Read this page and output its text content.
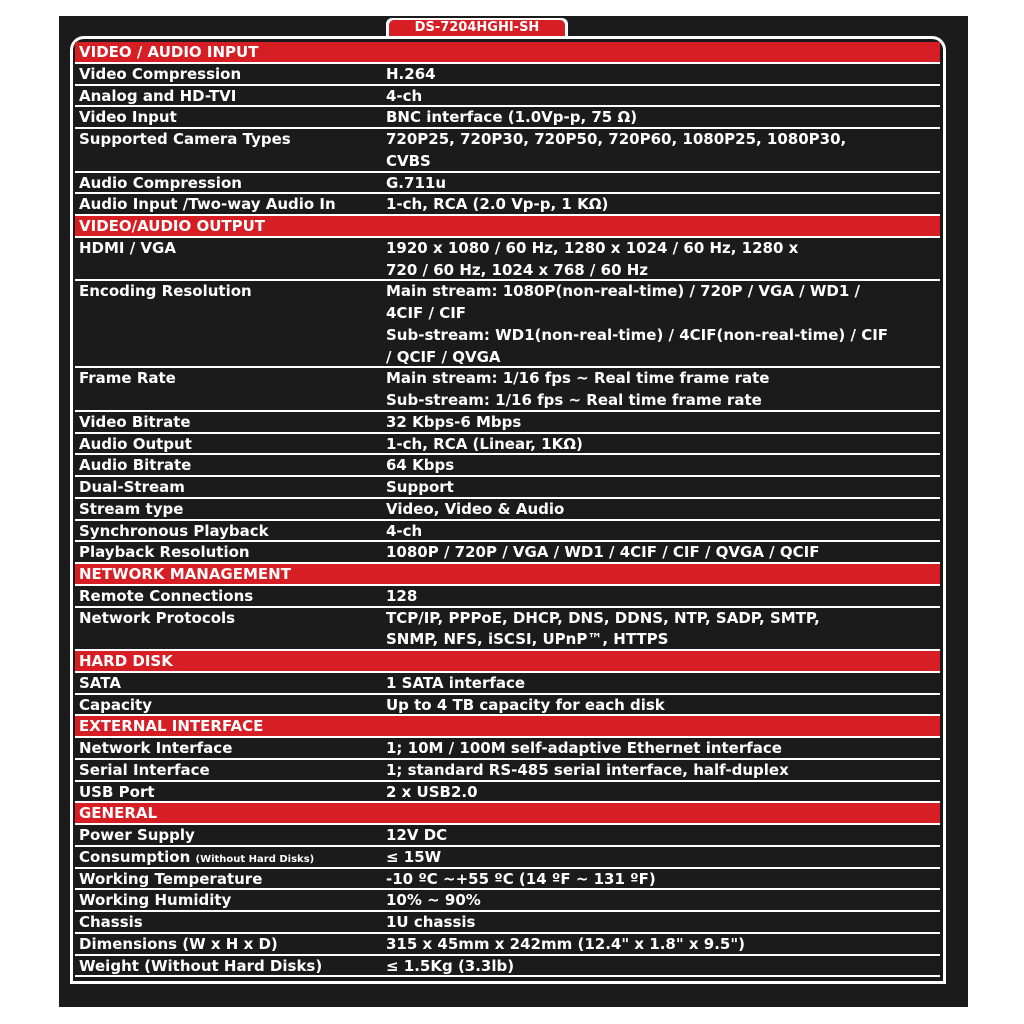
DS-7204HGHI-SH
VIDEO / AUDIO INPUT
Video Compression	H.264
Analog and HD-TVI	4-ch
Video Input	BNC interface (1.0Vp-p, 75 Ω)
Supported Camera Types	720P25, 720P30, 720P50, 720P60, 1080P25, 1080P30,
CVBS
Audio Compression	G.711u
Audio Input /Two-way Audio In	1-ch, RCA (2.0 Vp-p, 1 KΩ)
VIDEO/AUDIO OUTPUT
HDMI / VGA	1920 x 1080 / 60 Hz, 1280 x 1024 / 60 Hz, 1280 x
720 / 60 Hz, 1024 x 768 / 60 Hz
Encoding Resolution	Main stream: 1080P(non-real-time) / 720P / VGA / WD1 /
4CIF / CIF
Sub-stream: WD1(non-real-time) / 4CIF(non-real-time) / CIF
/ QCIF / QVGA
Frame Rate	Main stream: 1/16 fps ~ Real time frame rate
Sub-stream: 1/16 fps ~ Real time frame rate
Video Bitrate	32 Kbps-6 Mbps
Audio Output	1-ch, RCA (Linear, 1KΩ)
Audio Bitrate	64 Kbps
Dual-Stream	Support
Stream type	Video, Video & Audio
Synchronous Playback	4-ch
Playback Resolution	1080P / 720P / VGA / WD1 / 4CIF / CIF / QVGA / QCIF
NETWORK MANAGEMENT
Remote Connections	128
Network Protocols	TCP/IP, PPPoE, DHCP, DNS, DDNS, NTP, SADP, SMTP,
SNMP, NFS, iSCSI, UPnP™, HTTPS
HARD DISK
SATA	1 SATA interface
Capacity	Up to 4 TB capacity for each disk
EXTERNAL INTERFACE
Network Interface	1; 10M / 100M self-adaptive Ethernet interface
Serial Interface	1; standard RS-485 serial interface, half-duplex
USB Port	2 x USB2.0
GENERAL
Power Supply	12V DC
Consumption (Without Hard Disks)	≤ 15W
Working Temperature	-10 ºC ~+55 ºC (14 ºF ~ 131 ºF)
Working Humidity	10% ~ 90%
Chassis	1U chassis
Dimensions (W x H x D)	315 x 45mm x 242mm (12.4" x 1.8" x 9.5")
Weight (Without Hard Disks)	≤ 1.5Kg (3.3lb)
